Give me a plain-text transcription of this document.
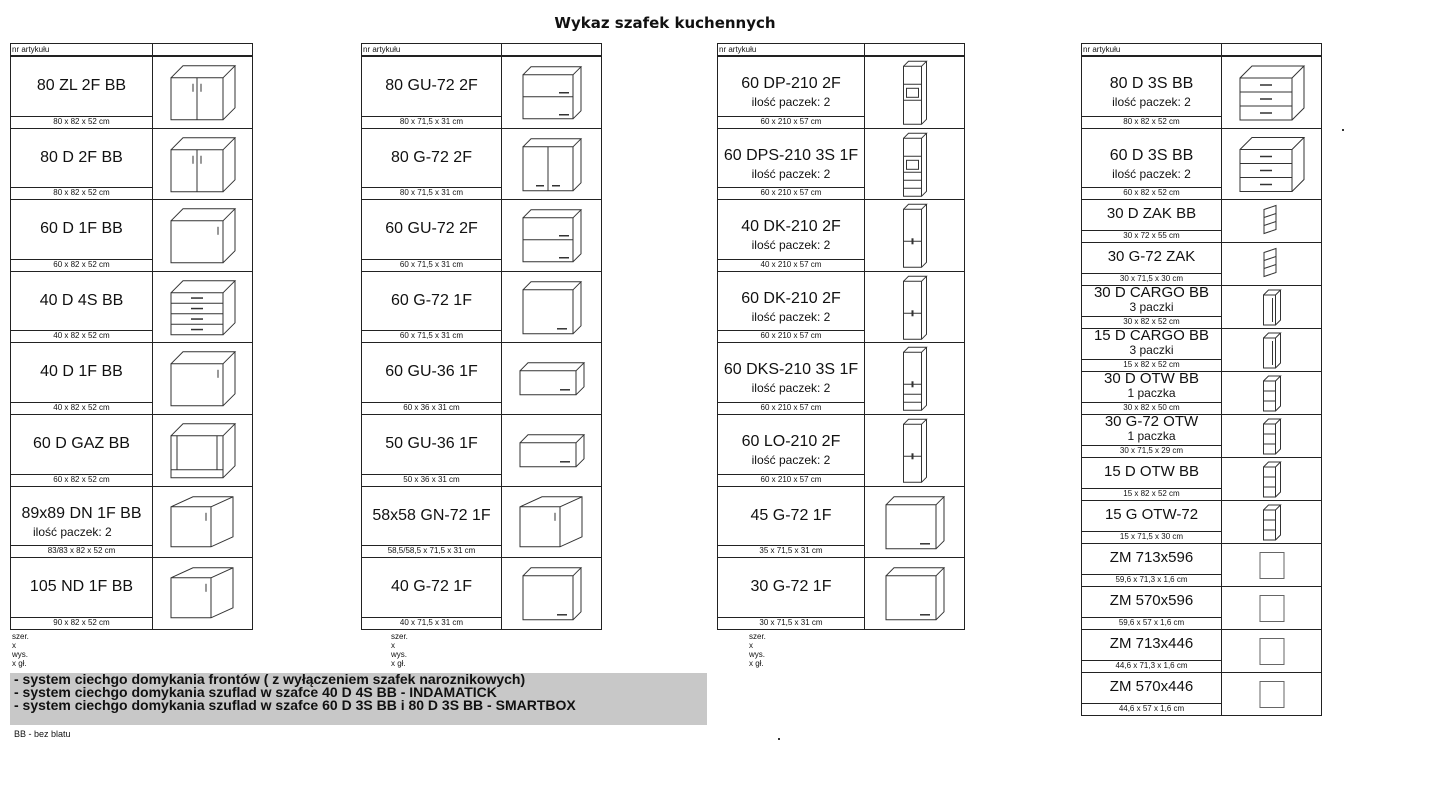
Wykaz szafek kuchennych
nr artykułu
80 ZL 2F BB
80 x 82 x 52 cm
80 D 2F BB
80 x 82 x 52 cm
60 D 1F BB
60 x 82 x 52 cm
40 D 4S BB
40 x 82 x 52 cm
40 D 1F BB
40 x 82 x 52 cm
60 D GAZ BB
60 x 82 x 52 cm
89x89 DN 1F BB
ilość paczek: 2
83/83 x 82 x 52 cm
105 ND 1F BB
90 x 82 x 52 cm
szer. x wys. x gł.
nr artykułu
80 GU-72 2F
80 x 71,5 x 31 cm
80 G-72 2F
80 x 71,5 x 31 cm
60 GU-72 2F
60 x 71,5 x 31 cm
60 G-72 1F
60 x 71,5 x 31 cm
60 GU-36 1F
60 x 36 x 31 cm
50 GU-36 1F
50 x 36 x 31 cm
58x58 GN-72 1F
58,5/58,5 x 71,5 x 31 cm
40 G-72 1F
40 x 71,5 x 31 cm
szer. x wys. x gł.
nr artykułu
60 DP-210 2F
ilość paczek: 2
60 x 210 x 57 cm
60 DPS-210 3S 1F
ilość paczek: 2
60 x 210 x 57 cm
40 DK-210 2F
ilość paczek: 2
40 x 210 x 57 cm
60 DK-210 2F
ilość paczek: 2
60 x 210 x 57 cm
60 DKS-210 3S 1F
ilość paczek: 2
60 x 210 x 57 cm
60 LO-210 2F
ilość paczek: 2
60 x 210 x 57 cm
45 G-72 1F
35 x 71,5 x 31 cm
30 G-72 1F
30 x 71,5 x 31 cm
szer. x wys. x gł.
nr artykułu
80 D 3S BB
ilość paczek: 2
80 x 82 x 52 cm
60 D 3S BB
ilość paczek: 2
60 x 82 x 52 cm
30 D ZAK BB
30 x 72 x 55 cm
30 G-72 ZAK
30 x 71,5 x 30 cm
30 D CARGO BB
3 paczki
30 x 82 x 52 cm
15 D CARGO BB
3 paczki
15 x 82 x 52 cm
30 D OTW BB
1 paczka
30 x 82 x 50 cm
30 G-72 OTW
1 paczka
30 x 71,5 x 29 cm
15 D OTW BB
15 x 82 x 52 cm
15 G OTW-72
15 x 71,5 x 30 cm
ZM 713x596
59,6 x 71,3 x 1,6 cm
ZM 570x596
59,6 x 57 x 1,6 cm
ZM 713x446
44,6 x 71,3 x 1,6 cm
ZM 570x446
44,6 x 57 x 1,6 cm
- system ciechgo domykania frontów ( z wyłączeniem szafek naroznikowych)
- system ciechgo domykania szuflad w szafce 40 D 4S BB - INDAMATICK
- system ciechgo domykania szuflad w szafce 60 D 3S BB i 80 D 3S BB - SMARTBOX
BB - bez blatu
